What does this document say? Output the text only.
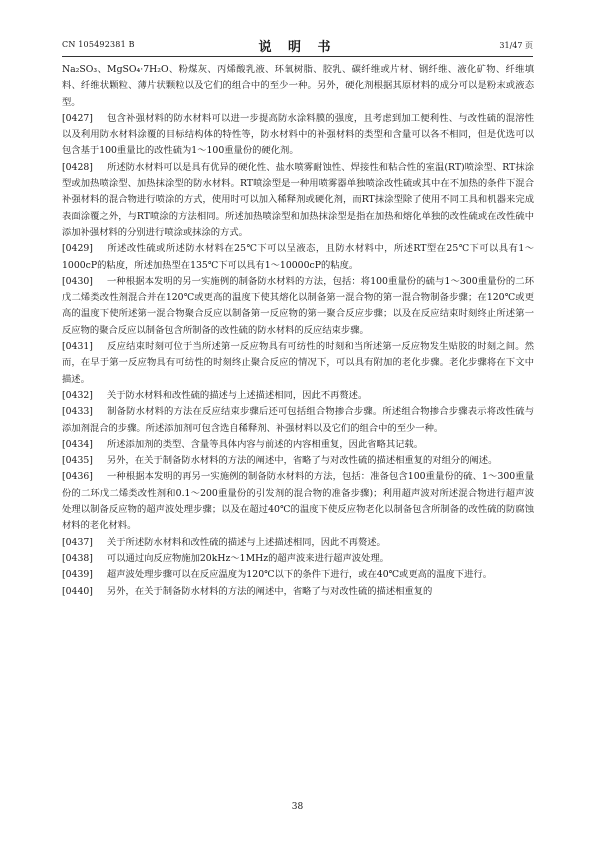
CN 105492381 B	说 明 书	31/47 页

Na₂SO₃、MgSO₄·7H₂O、粉煤灰、丙烯酸乳液、环氧树脂、胶乳、碳纤维或片材、钢纤维、液化矿物、纤维填料、纤维状颗粒、薄片状颗粒以及它们的组合中的至少一种。另外，硬化剂根据其原材料的成分可以是粉末或液态型。

[0427] 包含补强材料的防水材料可以进一步提高防水涂料膜的强度，且考虑到加工便利性、与改性硫的混溶性以及利用防水材料涂覆的目标结构体的特性等，防水材料中的补强材料的类型和含量可以各不相同，但是优选可以包含基于100重量比的改性硫为1～100重量份的硬化剂。

[0428] 所述防水材料可以是具有优异的硬化性、盐水喷雾耐蚀性、焊接性和粘合性的室温(RT)喷涂型、RT抹涂型或加热喷涂型、加热抹涂型的防水材料。RT喷涂型是一种用喷雾器单独喷涂改性硫或其中在不加热的条件下混合补强材料的混合物进行喷涂的方式，使用时可以加入稀释剂或硬化剂，而RT抹涂型除了使用不同工具和机器来完成表面涂覆之外，与RT喷涂的方法相同。所述加热喷涂型和加热抹涂型是指在加热和熔化单独的改性硫或在改性硫中添加补强材料的分别进行喷涂或抹涂的方式。

[0429] 所述改性硫或所述防水材料在25℃下可以呈液态，且防水材料中，所述RT型在25℃下可以具有1～1000cP的粘度，所述加热型在135℃下可以具有1～10000cP的粘度。

[0430] 一种根据本发明的另一实施例的制备防水材料的方法，包括：将100重量份的硫与1～300重量份的二环戊二烯类改性剂混合并在120℃或更高的温度下使其熔化以制备第一混合物的第一混合物制备步骤；在120℃或更高的温度下使所述第一混合物聚合反应以制备第一反应物的第一聚合反应步骤；以及在反应结束时刻终止所述第一反应物的聚合反应以制备包含所制备的改性硫的防水材料的反应结束步骤。

[0431] 反应结束时刻可位于当所述第一反应物具有可纺性的时刻和当所述第一反应物发生贴胶的时刻之间。然而，在早于第一反应物具有可纺性的时刻终止聚合反应的情况下，可以具有附加的老化步骤。老化步骤将在下文中描述。

[0432] 关于防水材料和改性硫的描述与上述描述相同，因此不再赘述。

[0433] 制备防水材料的方法在反应结束步骤后还可包括组合物掺合步骤。所述组合物掺合步骤表示将改性硫与添加剂混合的步骤。所述添加剂可包含选自稀释剂、补强材料以及它们的组合中的至少一种。

[0434] 所述添加剂的类型、含量等具体内容与前述的内容相重复，因此省略其记载。

[0435] 另外，在关于制备防水材料的方法的阐述中，省略了与对改性硫的描述相重复的对组分的阐述。

[0436] 一种根据本发明的再另一实施例的制备防水材料的方法，包括：准备包含100重量份的硫、1～300重量份的二环戊二烯类改性剂和0.1～200重量份的引发剂的混合物的准备步骤)；利用超声波对所述混合物进行超声波处理以制备反应物的超声波处理步骤；以及在超过40℃的温度下使反应物老化以制备包含所制备的改性硫的防腐蚀材料的老化材料。

[0437] 关于所述防水材料和改性硫的描述与上述描述相同，因此不再赘述。

[0438] 可以通过向反应物施加20kHz～1MHz的超声波来进行超声波处理。

[0439] 超声波处理步骤可以在反应温度为120℃以下的条件下进行，或在40℃或更高的温度下进行。

[0440] 另外，在关于制备防水材料的方法的阐述中，省略了与对改性硫的描述相重复的

38
